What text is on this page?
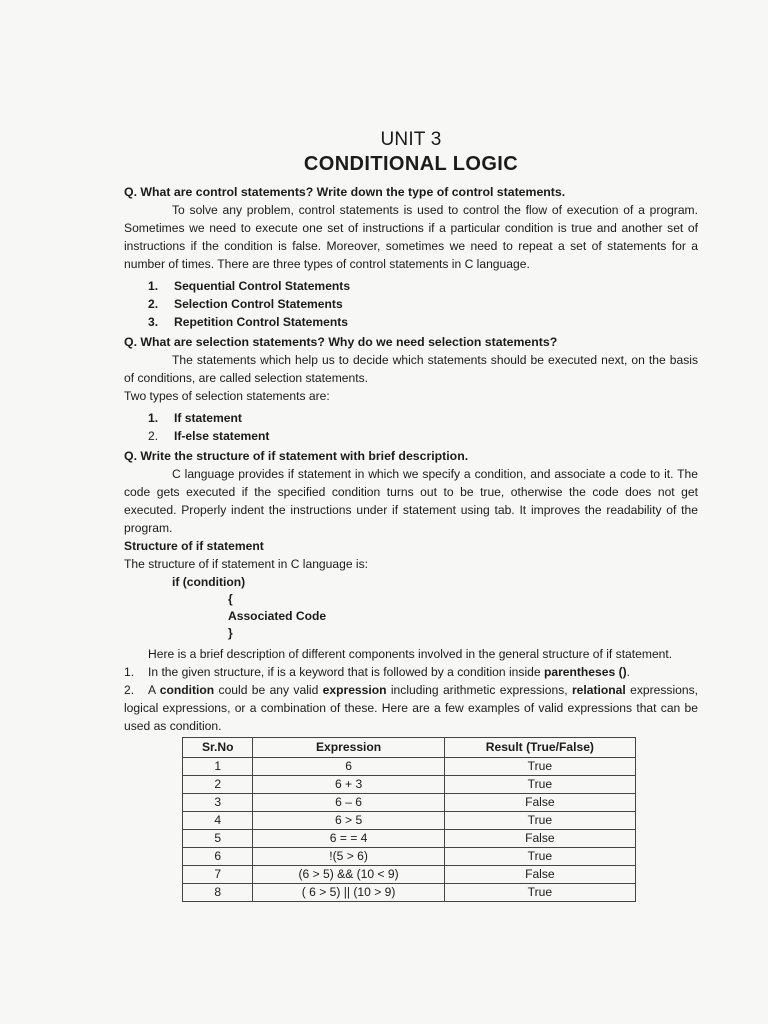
UNIT 3
CONDITIONAL LOGIC

Q. What are control statements? Write down the type of control statements.

To solve any problem, control statements is used to control the flow of execution of a program. Sometimes we need to execute one set of instructions if a particular condition is true and another set of instructions if the condition is false. Moreover, sometimes we need to repeat a set of statements for a number of times. There are three types of control statements in C language.

1.	Sequential Control Statements
2.	Selection Control Statements
3.	Repetition Control Statements

Q. What are selection statements? Why do we need selection statements?

The statements which help us to decide which statements should be executed next, on the basis of conditions, are called selection statements.

Two types of selection statements are:

1.	If statement
2.	If-else statement

Q. Write the structure of if statement with brief description.

C language provides if statement in which we specify a condition, and associate a code to it. The code gets executed if the specified condition turns out to be true, otherwise the code does not get executed. Properly indent the instructions under if statement using tab. It improves the readability of the program.

Structure of if statement

The structure of if statement in C language is:

if (condition)

{

Associated Code

}

Here is a brief description of different components involved in the general structure of if statement.

1. In the given structure, if is a keyword that is followed by a condition inside parentheses ().

2. A condition could be any valid expression including arithmetic expressions, relational expressions, logical expressions, or a combination of these. Here are a few examples of valid expressions that can be used as condition.

Sr.No	Expression	Result (True/False)
1	6	True
2	6 + 3	True
3	6 – 6	False
4	6 > 5	True
5	6 = = 4	False
6	!(5 > 6)	True
7	(6 > 5) && (10 < 9)	False
8	( 6 > 5) || (10 > 9)	True
